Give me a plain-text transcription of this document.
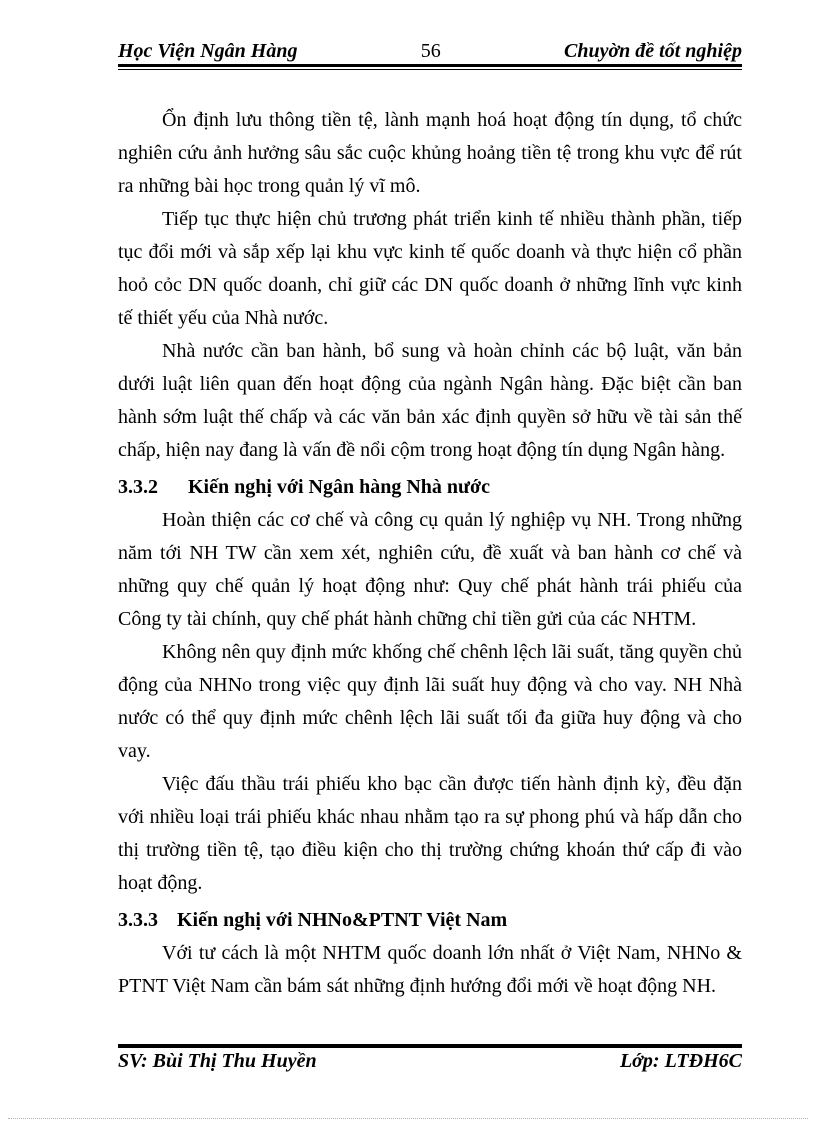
Học Viện Ngân Hàng	56	Chuyờn đề tốt nghiệp

Ổn định lưu thông tiền tệ, lành mạnh hoá hoạt động tín dụng, tổ chức nghiên cứu ảnh hưởng sâu sắc cuộc khủng hoảng tiền tệ trong khu vực để rút ra những bài học trong quản lý vĩ mô.

Tiếp tục thực hiện chủ trương phát triển kinh tế nhiều thành phần, tiếp tục đổi mới và sắp xếp lại khu vực kinh tế quốc doanh và thực hiện cổ phần hoỏ cỏc DN quốc doanh, chỉ giữ các DN quốc doanh ở những lĩnh vực kinh tế thiết yếu của Nhà nước.

Nhà nước cần ban hành, bổ sung và hoàn chỉnh các bộ luật, văn bản dưới luật liên quan đến hoạt động của ngành Ngân hàng. Đặc biệt cần ban hành sớm luật thế chấp và các văn bản xác định quyền sở hữu về tài sản thế chấp, hiện nay đang là vấn đề nổi cộm trong hoạt động tín dụng Ngân hàng.

3.3.2 Kiến nghị với Ngân hàng Nhà nước

Hoàn thiện các cơ chế và công cụ quản lý nghiệp vụ NH. Trong những năm tới NH TW cần xem xét, nghiên cứu, đề xuất và ban hành cơ chế và những quy chế quản lý hoạt động như: Quy chế phát hành trái phiếu của Công ty tài chính, quy chế phát hành chững chỉ tiền gửi của các NHTM.

Không nên quy định mức khống chế chênh lệch lãi suất, tăng quyền chủ động của NHNo trong việc quy định lãi suất huy động và cho vay. NH Nhà nước có thể quy định mức chênh lệch lãi suất tối đa giữa huy động và cho vay.

Việc đấu thầu trái phiếu kho bạc cần được tiến hành định kỳ, đều đặn với nhiều loại trái phiếu khác nhau nhằm tạo ra sự phong phú và hấp dẫn cho thị trường tiền tệ, tạo điều kiện cho thị trường chứng khoán thứ cấp đi vào hoạt động.

3.3.3 Kiến nghị với NHNo&PTNT Việt Nam

Với tư cách là một NHTM quốc doanh lớn nhất ở Việt Nam, NHNo & PTNT Việt Nam cần bám sát những định hướng đổi mới về hoạt động NH.

SV: Bùi Thị Thu Huyền	Lớp: LTĐH6C
